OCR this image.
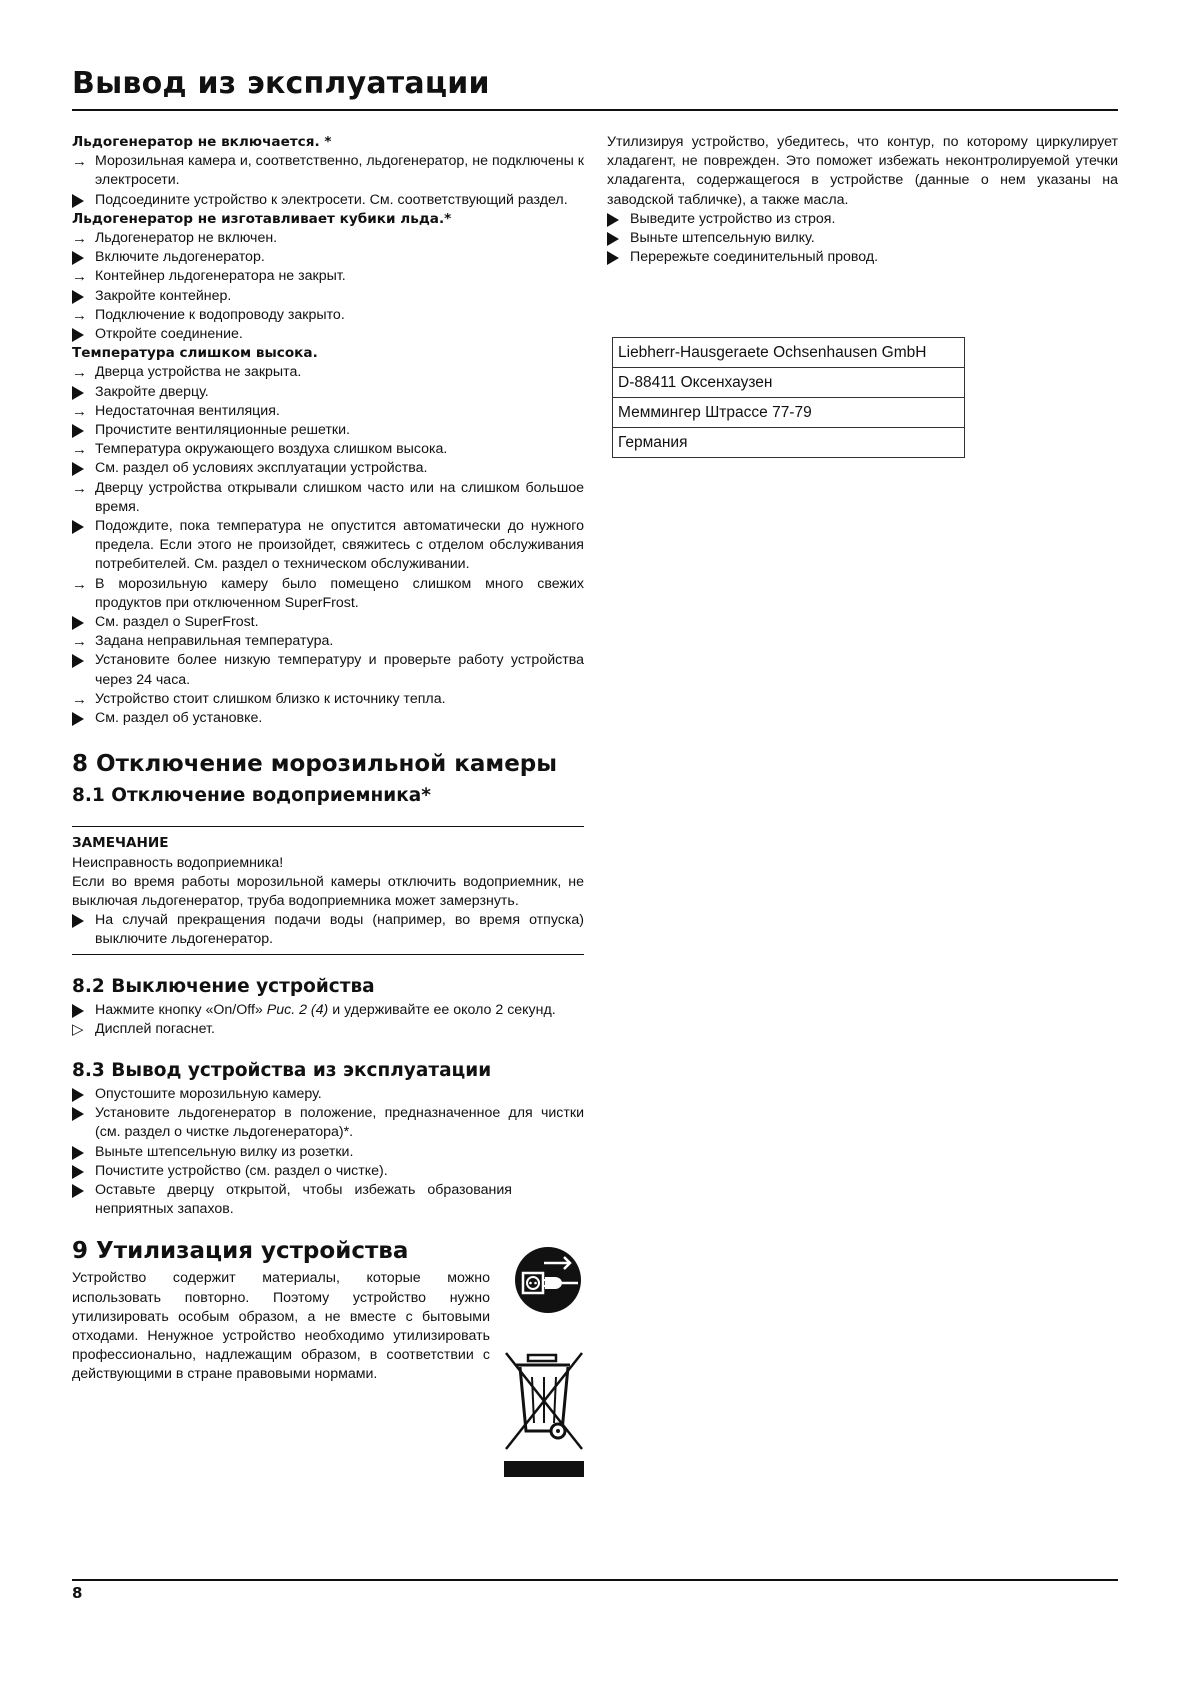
Вывод из эксплуатации
Льдогенератор не включается. *
→ Морозильная камера и, соответственно, льдогенератор, не подключены к электросети.
Подсоедините устройство к электросети. См. соответствующий раздел.
Льдогенератор не изготавливает кубики льда.*
→ Льдогенератор не включен.
Включите льдогенератор.
→ Контейнер льдогенератора не закрыт.
Закройте контейнер.
→ Подключение к водопроводу закрыто.
Откройте соединение.
Температура слишком высока.
→ Дверца устройства не закрыта.
Закройте дверцу.
→ Недостаточная вентиляция.
Прочистите вентиляционные решетки.
→ Температура окружающего воздуха слишком высока.
См. раздел об условиях эксплуатации устройства.
→ Дверцу устройства открывали слишком часто или на слишком большое время.
Подождите, пока температура не опустится автоматически до нужного предела. Если этого не произойдет, свяжитесь с отделом обслуживания потребителей. См. раздел о техническом обслуживании.
→ В морозильную камеру было помещено слишком много свежих продуктов при отключенном SuperFrost.
См. раздел о SuperFrost.
→ Задана неправильная температура.
Установите более низкую температуру и проверьте работу устройства через 24 часа.
→ Устройство стоит слишком близко к источнику тепла.
См. раздел об установке.
8 Отключение морозильной камеры
8.1 Отключение водоприемника*
ЗАМЕЧАНИЕ
Неисправность водоприемника!
Если во время работы морозильной камеры отключить водоприемник, не выключая льдогенератор, труба водоприемника может замерзнуть.
На случай прекращения подачи воды (например, во время отпуска) выключите льдогенератор.
8.2 Выключение устройства
Нажмите кнопку «On/Off» Рис. 2 (4) и удерживайте ее около 2 секунд.
▷ Дисплей погаснет.
8.3 Вывод устройства из эксплуатации
Опустошите морозильную камеру.
Установите льдогенератор в положение, предназначенное для чистки (см. раздел о чистке льдогенератора)*.
Выньте штепсельную вилку из розетки.
Почистите устройство (см. раздел о чистке).
Оставьте дверцу открытой, чтобы избежать образования неприятных запахов.
9 Утилизация устройства
Устройство содержит материалы, которые можно использовать повторно. Поэтому устройство нужно утилизировать особым образом, а не вместе с бытовыми отходами. Ненужное устройство необходимо утилизировать профессионально, надлежащим образом, в соответствии с действующими в стране правовыми нормами.
Утилизируя устройство, убедитесь, что контур, по которому циркулирует хладагент, не поврежден. Это поможет избежать неконтролируемой утечки хладагента, содержащегося в устройстве (данные о нем указаны на заводской табличке), а также масла.
Выведите устройство из строя.
Выньте штепсельную вилку.
Перережьте соединительный провод.
Liebherr-Hausgeraete Ochsenhausen GmbH
D-88411 Оксенхаузен
Меммингер Штрассе 77-79
Германия
8
